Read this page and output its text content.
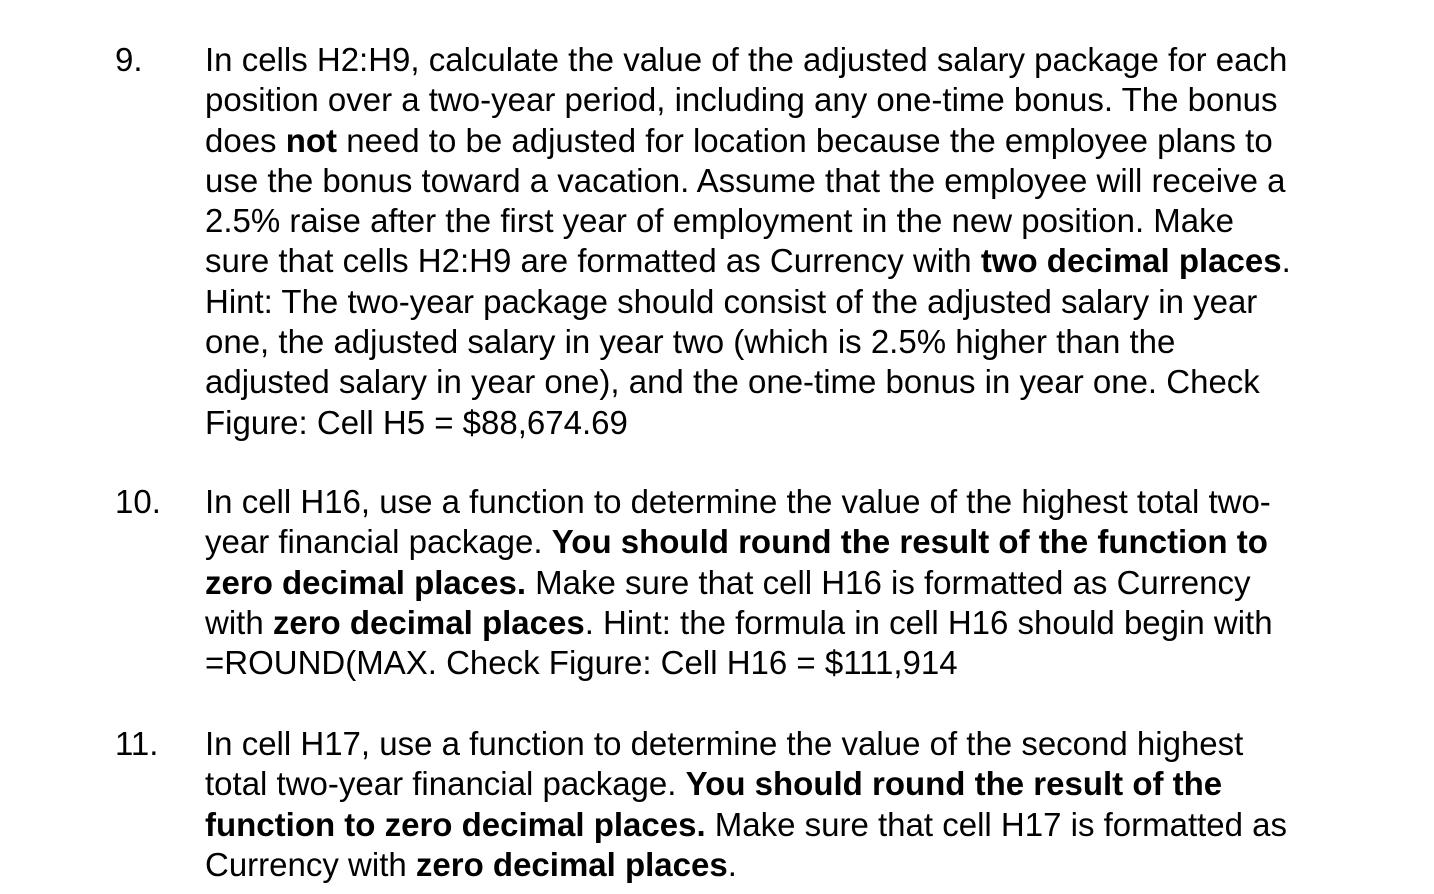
9. In cells H2:H9, calculate the value of the adjusted salary package for each
position over a two-year period, including any one-time bonus. The bonus
does not need to be adjusted for location because the employee plans to
use the bonus toward a vacation. Assume that the employee will receive a
2.5% raise after the first year of employment in the new position. Make
sure that cells H2:H9 are formatted as Currency with two decimal places.
Hint: The two-year package should consist of the adjusted salary in year
one, the adjusted salary in year two (which is 2.5% higher than the
adjusted salary in year one), and the one-time bonus in year one. Check
Figure: Cell H5 = $88,674.69
10. In cell H16, use a function to determine the value of the highest total two-
year financial package. You should round the result of the function to
zero decimal places. Make sure that cell H16 is formatted as Currency
with zero decimal places. Hint: the formula in cell H16 should begin with
=ROUND(MAX. Check Figure: Cell H16 = $111,914
11. In cell H17, use a function to determine the value of the second highest
total two-year financial package. You should round the result of the
function to zero decimal places. Make sure that cell H17 is formatted as
Currency with zero decimal places.
